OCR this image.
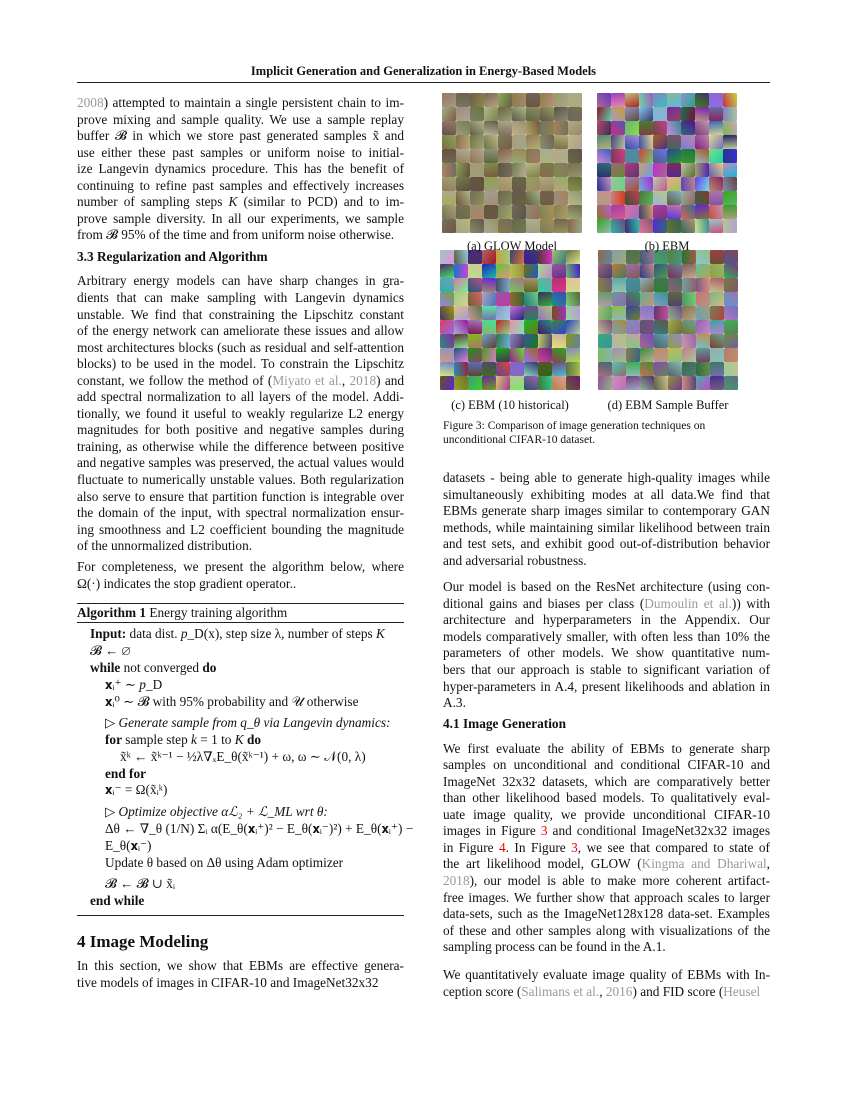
Implicit Generation and Generalization in Energy-Based Models
2008) attempted to maintain a single persistent chain to im-
prove mixing and sample quality. We use a sample replay
buffer 𝓑 in which we store past generated samples x̃ and
use either these past samples or uniform noise to initial-
ize Langevin dynamics procedure. This has the benefit of
continuing to refine past samples and effectively increases
number of sampling steps K (similar to PCD) and to im-
prove sample diversity. In all our experiments, we sample
from 𝓑 95% of the time and from uniform noise otherwise.
3.3 Regularization and Algorithm
Arbitrary energy models can have sharp changes in gra-
dients that can make sampling with Langevin dynamics
unstable. We find that constraining the Lipschitz constant
of the energy network can ameliorate these issues and allow
most architectures blocks (such as residual and self-attention
blocks) to be used in the model. To constrain the Lipschitz
constant, we follow the method of (Miyato et al., 2018) and
add spectral normalization to all layers of the model. Addi-
tionally, we found it useful to weakly regularize L2 energy
magnitudes for both positive and negative samples during
training, as otherwise while the difference between positive
and negative samples was preserved, the actual values would
fluctuate to numerically unstable values. Both regularization
also serve to ensure that partition function is integrable over
the domain of the input, with spectral normalization ensur-
ing smoothness and L2 coefficient bounding the magnitude
of the unnormalized distribution.
For completeness, we present the algorithm below, where
Ω(·) indicates the stop gradient operator..
Algorithm 1 Energy training algorithm
Input: data dist. p_D(x), step size λ, number of steps K
𝓑 ← ∅
while not converged do
𝐱ᵢ⁺ ∼ p_D
𝐱ᵢ⁰ ∼ 𝓑 with 95% probability and 𝒰 otherwise
▷ Generate sample from q_θ via Langevin dynamics:
for sample step k = 1 to K do
x̃ᵏ ← x̃ᵏ⁻¹ − ½λ∇ₓE_θ(x̃ᵏ⁻¹) + ω, ω ∼ 𝒩(0, λ)
end for
𝐱ᵢ⁻ = Ω(x̃ᵢᵏ)
▷ Optimize objective αℒ₂ + ℒ_ML wrt θ:
Δθ ← ∇_θ (1/N) Σᵢ α(E_θ(𝐱ᵢ⁺)² − E_θ(𝐱ᵢ⁻)²) + E_θ(𝐱ᵢ⁺) −
E_θ(𝐱ᵢ⁻)
Update θ based on Δθ using Adam optimizer
𝓑 ← 𝓑 ∪ x̃ᵢ
end while
4 Image Modeling
In this section, we show that EBMs are effective genera-
tive models of images in CIFAR-10 and ImageNet32x32
datasets - being able to generate high-quality images while
simultaneously exhibiting modes at all data.We find that
EBMs generate sharp images similar to contemporary GAN
methods, while maintaining similar likelihood between train
and test sets, and exhibit good out-of-distribution behavior
and adversarial robustness.
Our model is based on the ResNet architecture (using con-
ditional gains and biases per class (Dumoulin et al.)) with
architecture and hyperparameters in the Appendix. Our
models comparatively smaller, with often less than 10% the
parameters of other models. We show quantitative num-
bers that our approach is stable to significant variation of
hyper-parameters in A.4, present likelihoods and ablation in
A.3.
4.1 Image Generation
We first evaluate the ability of EBMs to generate sharp
samples on unconditional and conditional CIFAR-10 and
ImageNet 32x32 datasets, which are comparatively better
than other likelihood based models. To qualitatively eval-
uate image quality, we provide unconditional CIFAR-10
images in Figure 3 and conditional ImageNet32x32 images
in Figure 4. In Figure 3, we see that compared to state of
the art likelihood model, GLOW (Kingma and Dhariwal,
2018), our model is able to make more coherent artifact-
free images. We further show that approach scales to larger
data-sets, such as the ImageNet128x128 data-set. Examples
of these and other samples along with visualizations of the
sampling process can be found in the A.1.
We quantitatively evaluate image quality of EBMs with In-
ception score (Salimans et al., 2016) and FID score (Heusel
(a) GLOW Model	(b) EBM
(c) EBM (10 historical)	(d) EBM Sample Buffer
Figure 3: Comparison of image generation techniques on unconditional CIFAR-10 dataset.
